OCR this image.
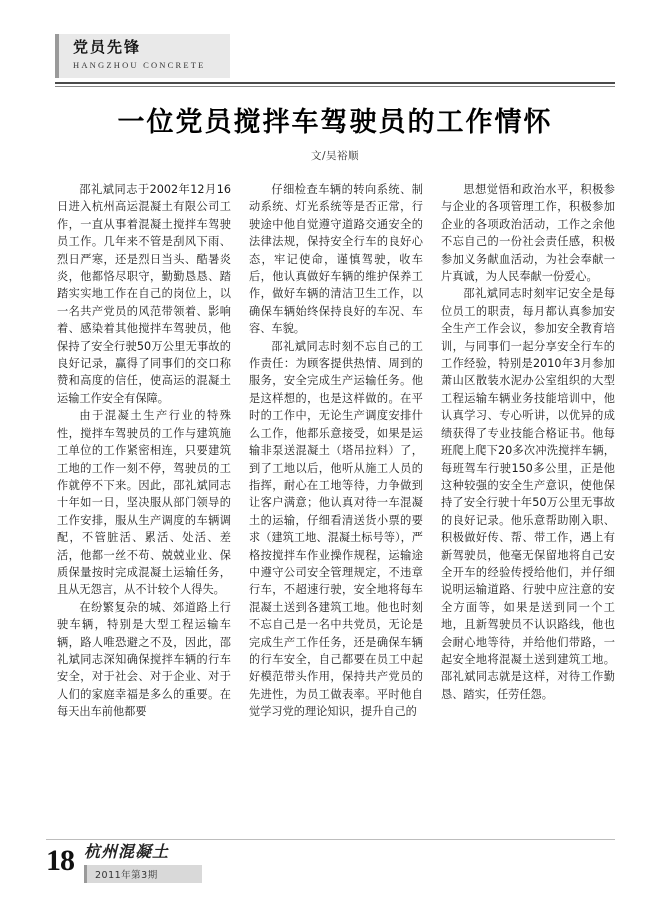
党员先锋
HANGZHOU CONCRETE
一位党员搅拌车驾驶员的工作情怀
文/吴裕顺

邵礼斌同志于2002年12月16日进入杭州高运混凝土有限公司工作，一直从事着混凝土搅拌车驾驶员工作。几年来不管是刮风下雨、烈日严寒，还是烈日当头、酷暑炎炎，他都恪尽职守，勤勤恳恳、踏踏实实地工作在自己的岗位上，以一名共产党员的风范带领着、影响着、感染着其他搅拌车驾驶员，他保持了安全行驶50万公里无事故的良好记录，赢得了同事们的交口称赞和高度的信任，使高运的混凝土运输工作安全有保障。

由于混凝土生产行业的特殊性，搅拌车驾驶员的工作与建筑施工单位的工作紧密相连，只要建筑工地的工作一刻不停，驾驶员的工作就停不下来。因此，邵礼斌同志十年如一日，坚决服从部门领导的工作安排，服从生产调度的车辆调配，不管脏活、累活、处活、差活，他都一丝不苟、兢兢业业、保质保量按时完成混凝土运输任务，且从无怨言，从不计较个人得失。

在纷繁复杂的城、郊道路上行驶车辆，特别是大型工程运输车辆，路人唯恐避之不及，因此，邵礼斌同志深知确保搅拌车辆的行车安全，对于社会、对于企业、对于人们的家庭幸福是多么的重要。在每天出车前他都要

仔细检查车辆的转向系统、制动系统、灯光系统等是否正常，行驶途中他自觉遵守道路交通安全的法律法规，保持安全行车的良好心态，牢记使命，谨慎驾驶，收车后，他认真做好车辆的维护保养工作，做好车辆的清洁卫生工作，以确保车辆始终保持良好的车况、车容、车貌。

邵礼斌同志时刻不忘自己的工作责任：为顾客提供热情、周到的服务，安全完成生产运输任务。他是这样想的，也是这样做的。在平时的工作中，无论生产调度安排什么工作，他都乐意接受，如果是运输非泵送混凝土（塔吊拉料）了，到了工地以后，他听从施工人员的指挥，耐心在工地等待，力争做到让客户满意；他认真对待一车混凝土的运输，仔细看清送货小票的要求（建筑工地、混凝土标号等），严格按搅拌车作业操作规程，运输途中遵守公司安全管理规定，不违章行车，不超速行驶，安全地将每车混凝土送到各建筑工地。他也时刻不忘自己是一名中共党员，无论是完成生产工作任务，还是确保车辆的行车安全，自己都要在员工中起好模范带头作用，保持共产党员的先进性，为员工做表率。平时他自觉学习党的理论知识，提升自己的

思想觉悟和政治水平，积极参与企业的各项管理工作，积极参加企业的各项政治活动，工作之余他不忘自己的一份社会责任感，积极参加义务献血活动，为社会奉献一片真诚，为人民奉献一份爱心。

邵礼斌同志时刻牢记安全是每位员工的职责，每月都认真参加安全生产工作会议，参加安全教育培训，与同事们一起分享安全行车的工作经验，特别是2010年3月参加萧山区散装水泥办公室组织的大型工程运输车辆业务技能培训中，他认真学习、专心听讲，以优异的成绩获得了专业技能合格证书。他每班爬上爬下20多次冲洗搅拌车辆，每班驾车行驶150多公里，正是他这种较强的安全生产意识，使他保持了安全行驶十年50万公里无事故的良好记录。他乐意帮助刚入职、积极做好传、帮、带工作，遇上有新驾驶员，他毫无保留地将自己安全开车的经验传授给他们，并仔细说明运输道路、行驶中应注意的安全方面等，如果是送到同一个工地，且新驾驶员不认识路线，他也会耐心地等待，并给他们带路，一起安全地将混凝土送到建筑工地。邵礼斌同志就是这样，对待工作勤恳、踏实，任劳任怨。

18 杭州混凝土
2011年第3期
